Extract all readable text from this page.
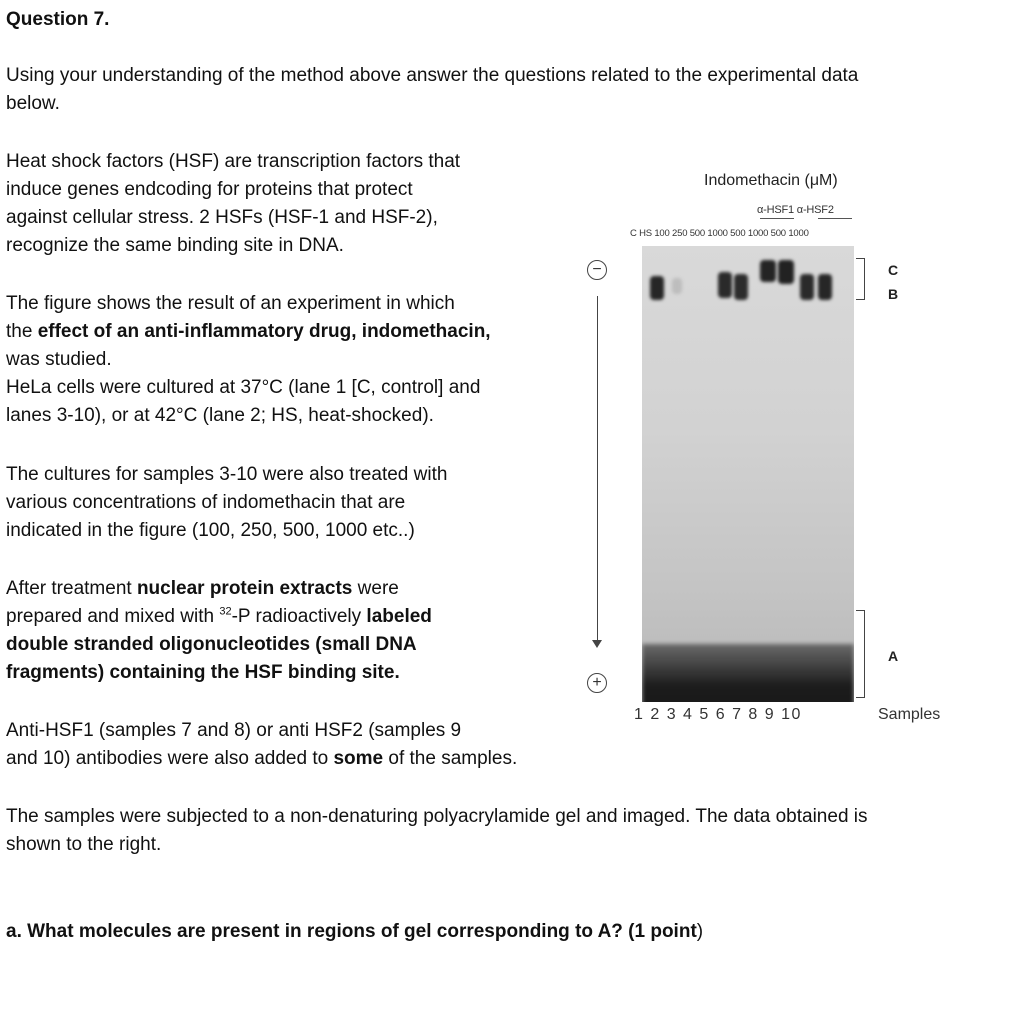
Question 7.
Using your understanding of the method above answer the questions related to the experimental data
below.
Heat shock factors (HSF) are transcription factors that
induce genes endcoding for proteins that protect
against cellular stress. 2 HSFs (HSF-1 and HSF-2),
recognize the same binding site in DNA.
The figure shows the result of an experiment in which
the effect of an anti-inflammatory drug, indomethacin,
was studied.
HeLa cells were cultured at 37°C (lane 1 [C, control] and
lanes 3-10), or at 42°C (lane 2; HS, heat-shocked).
The cultures for samples 3-10 were also treated with
various concentrations of indomethacin that are
indicated in the figure (100, 250, 500, 1000 etc..)
After treatment nuclear protein extracts were
prepared and mixed with $^{32}$-P radioactively labeled
double stranded oligonucleotides (small DNA
fragments) containing the HSF binding site.
Anti-HSF1 (samples 7 and 8) or anti HSF2 (samples 9
and 10) antibodies were also added to some of the samples.
The samples were subjected to a non-denaturing polyacrylamide gel and imaged. The data obtained is
shown to the right.
a. What molecules are present in regions of gel corresponding to A? (1 point)
Indomethacin (μM)
α-HSF1 α-HSF2
C HS 100 250 500 1000 500 1000 500 1000
−
+
C
B
A
1 2 3 4 5 6 7 8 9 10	Samples
